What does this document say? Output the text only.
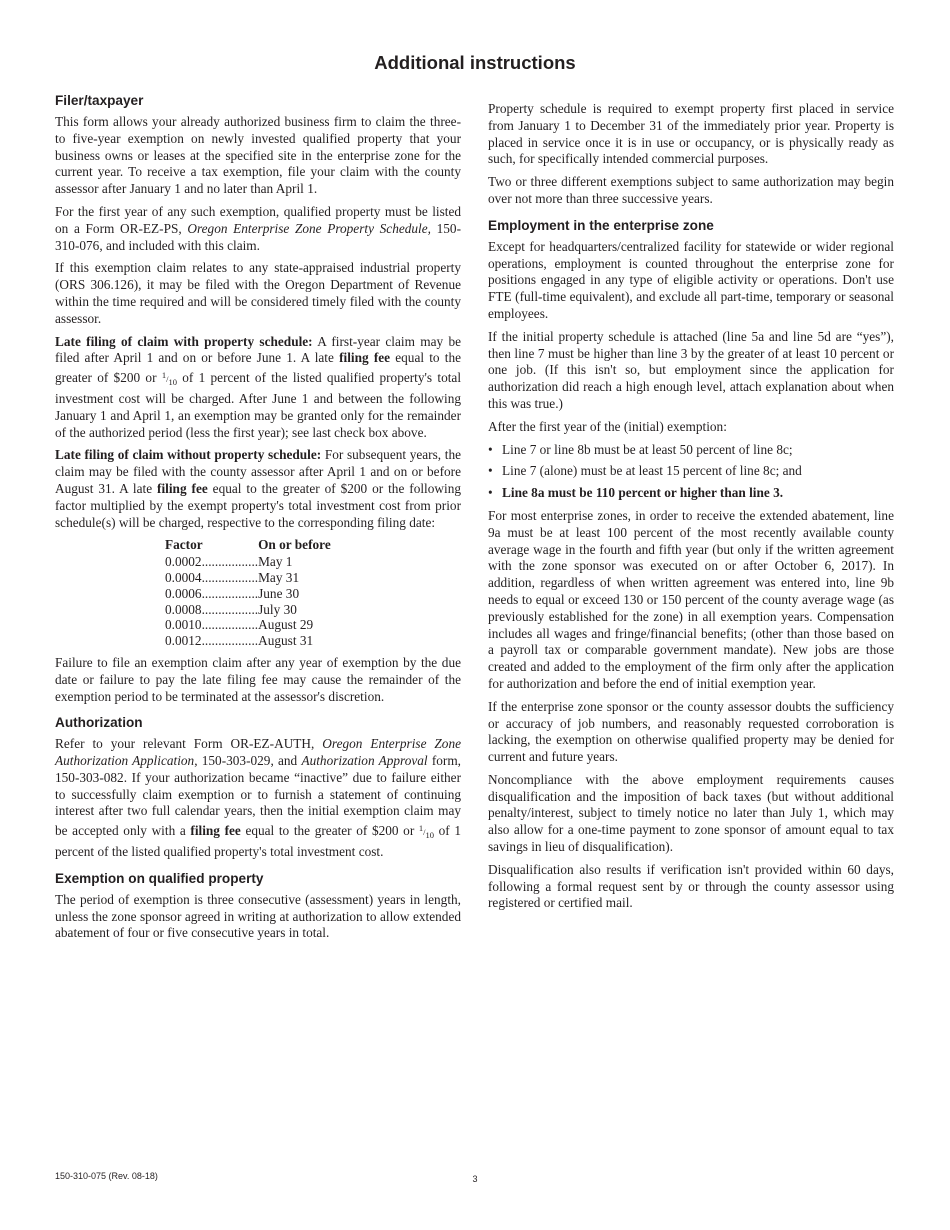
Additional instructions
Filer/taxpayer

This form allows your already authorized business firm to claim the three- to five-year exemption on newly invested qualified property that your business owns or leases at the specified site in the enterprise zone for the current year. To receive a tax exemption, file your claim with the county assessor after January 1 and no later than April 1.

For the first year of any such exemption, qualified property must be listed on a Form OR-EZ-PS, Oregon Enterprise Zone Property Schedule, 150-310-076, and included with this claim.

If this exemption claim relates to any state-appraised industrial property (ORS 306.126), it may be filed with the Oregon Department of Revenue within the time required and will be considered timely filed with the county assessor.

Late filing of claim with property schedule: A first-year claim may be filed after April 1 and on or before June 1. A late filing fee equal to the greater of $200 or $^1/_{10}$ of 1 percent of the listed qualified property's total investment cost will be charged. After June 1 and between the following January 1 and April 1, an exemption may be granted only for the remainder of the authorized period (less the first year); see last check box above.

Late filing of claim without property schedule: For subsequent years, the claim may be filed with the county assessor after April 1 and on or before August 31. A late filing fee equal to the greater of $200 or the following factor multiplied by the exempt property's total investment cost from prior schedule(s) will be charged, respective to the corresponding filing date:

Factor	On or before
0.0002.................	May 1
0.0004.................	May 31
0.0006.................	June 30
0.0008.................	July 30
0.0010.................	August 29
0.0012.................	August 31

Failure to file an exemption claim after any year of exemption by the due date or failure to pay the late filing fee may cause the remainder of the exemption period to be terminated at the assessor's discretion.

Authorization

Refer to your relevant Form OR-EZ-AUTH, Oregon Enterprise Zone Authorization Application, 150-303-029, and Authorization Approval form, 150-303-082. If your authorization became “inactive” due to failure either to successfully claim exemption or to furnish a statement of continuing interest after two full calendar years, then the initial exemption claim may be accepted only with a filing fee equal to the greater of $200 or $^1/_{10}$ of 1 percent of the listed qualified property's total investment cost.

Exemption on qualified property

The period of exemption is three consecutive (assessment) years in length, unless the zone sponsor agreed in writing at authorization to allow extended abatement of four or five consecutive years in total.

Property schedule is required to exempt property first placed in service from January 1 to December 31 of the immediately prior year. Property is placed in service once it is in use or occupancy, or is physically ready as such, for specifically intended commercial purposes.

Two or three different exemptions subject to same authorization may begin over not more than three successive years.

Employment in the enterprise zone

Except for headquarters/centralized facility for statewide or wider regional operations, employment is counted throughout the enterprise zone for positions engaged in any type of eligible activity or operations. Don't use FTE (full-time equivalent), and exclude all part-time, temporary or seasonal employees.

If the initial property schedule is attached (line 5a and line 5d are “yes”), then line 7 must be higher than line 3 by the greater of at least 10 percent or one job. (If this isn't so, but employment since the application for authorization did reach a high enough level, attach explanation about when this was true.)

After the first year of the (initial) exemption:

• Line 7 or line 8b must be at least 50 percent of line 8c;
• Line 7 (alone) must be at least 15 percent of line 8c; and
• Line 8a must be 110 percent or higher than line 3.

For most enterprise zones, in order to receive the extended abatement, line 9a must be at least 100 percent of the most recently available county average wage in the fourth and fifth year (but only if the written agreement with the zone sponsor was executed on or after October 6, 2017). In addition, regardless of when written agreement was entered into, line 9b needs to equal or exceed 130 or 150 percent of the county average wage (as previously established for the zone) in all exemption years. Compensation includes all wages and fringe/financial benefits; (other than those based on a payroll tax or comparable government mandate). New jobs are those created and added to the employment of the firm only after the application for authorization and before the end of initial exemption year.

If the enterprise zone sponsor or the county assessor doubts the sufficiency or accuracy of job numbers, and reasonably requested corroboration is lacking, the exemption on otherwise qualified property may be denied for current and future years.

Noncompliance with the above employment requirements causes disqualification and the imposition of back taxes (but without additional penalty/interest, subject to timely notice no later than July 1, which may also allow for a one-time payment to zone sponsor of amount equal to tax savings in lieu of disqualification).

Disqualification also results if verification isn't provided within 60 days, following a formal request sent by or through the county assessor using registered or certified mail.

150-310-075 (Rev. 08-18)	3
